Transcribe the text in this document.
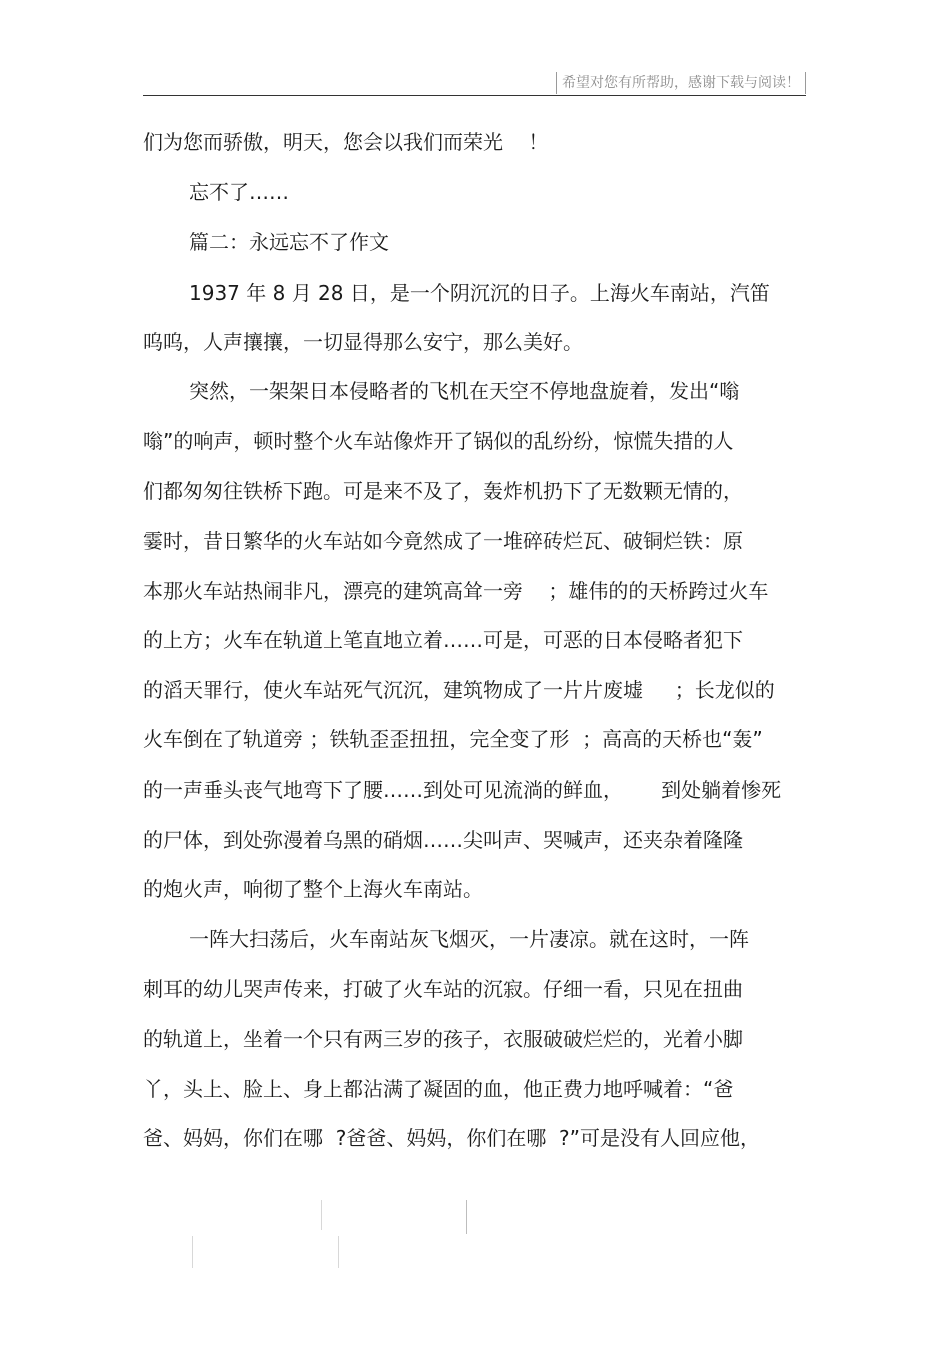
希望对您有所帮助，感谢下载与阅读！
们为您而骄傲，明天，您会以我们而荣光    ！
忘不了……
篇二：永远忘不了作文
1937 年 8 月 28 日，是一个阴沉沉的日子。上海火车南站，汽笛
呜呜，人声攘攘，一切显得那么安宁，那么美好。
突然，一架架日本侵略者的飞机在天空不停地盘旋着，发出“嗡
嗡”的响声，顿时整个火车站像炸开了锅似的乱纷纷，惊慌失措的人
们都匆匆往铁桥下跑。可是来不及了，轰炸机扔下了无数颗无情的，
霎时，昔日繁华的火车站如今竟然成了一堆碎砖烂瓦、破铜烂铁：原
本那火车站热闹非凡，漂亮的建筑高耸一旁    ；雄伟的的天桥跨过火车
的上方；火车在轨道上笔直地立着……可是，可恶的日本侵略者犯下
的滔天罪行，使火车站死气沉沉，建筑物成了一片片废墟     ；长龙似的
火车倒在了轨道旁 ；铁轨歪歪扭扭，完全变了形  ；高高的天桥也“轰”
的一声垂头丧气地弯下了腰……到处可见流淌的鲜血，      到处躺着惨死
的尸体，到处弥漫着乌黑的硝烟……尖叫声、哭喊声，还夹杂着隆隆
的炮火声，响彻了整个上海火车南站。
一阵大扫荡后，火车南站灰飞烟灭，一片凄凉。就在这时，一阵
刺耳的幼儿哭声传来，打破了火车站的沉寂。仔细一看，只见在扭曲
的轨道上，坐着一个只有两三岁的孩子，衣服破破烂烂的，光着小脚
丫，头上、脸上、身上都沾满了凝固的血，他正费力地呼喊着：“爸
爸、妈妈，你们在哪  ?爸爸、妈妈，你们在哪  ?”可是没有人回应他，
